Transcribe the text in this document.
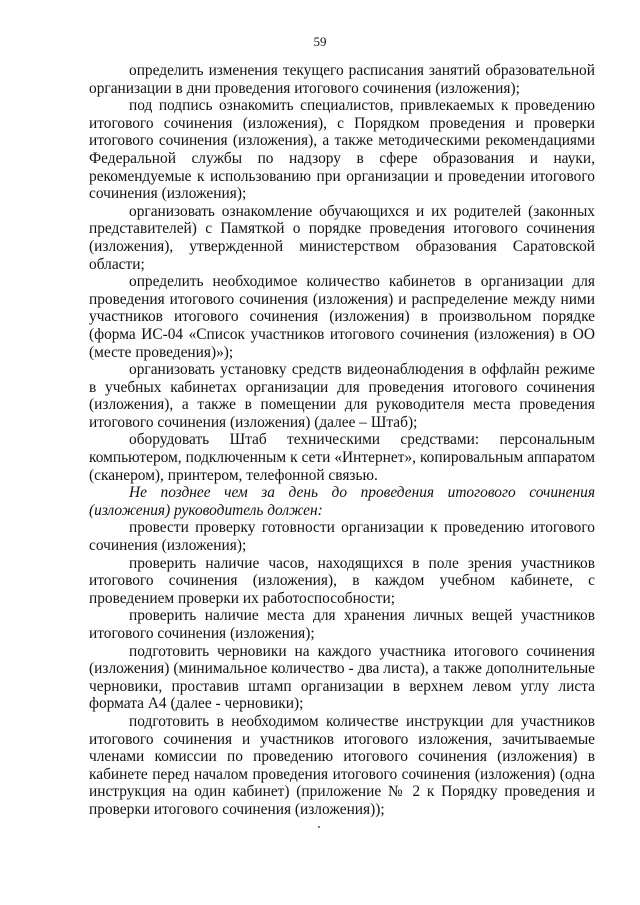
59

определить изменения текущего расписания занятий образовательной организации в дни проведения итогового сочинения (изложения);

под подпись ознакомить специалистов, привлекаемых к проведению итогового сочинения (изложения), с Порядком проведения и проверки итогового сочинения (изложения), а также методическими рекомендациями Федеральной службы по надзору в сфере образования и науки, рекомендуемые к использованию при организации и проведении итогового сочинения (изложения);

организовать ознакомление обучающихся и их родителей (законных представителей) с Памяткой о порядке проведения итогового сочинения (изложения), утвержденной министерством образования Саратовской области;

определить необходимое количество кабинетов в организации для проведения итогового сочинения (изложения) и распределение между ними участников итогового сочинения (изложения) в произвольном порядке (форма ИС-04 «Список участников итогового сочинения (изложения) в ОО (месте проведения)»);

организовать установку средств видеонаблюдения в оффлайн режиме в учебных кабинетах организации для проведения итогового сочинения (изложения), а также в помещении для руководителя места проведения итогового сочинения (изложения) (далее – Штаб);

оборудовать Штаб техническими средствами: персональным компьютером, подключенным к сети «Интернет», копировальным аппаратом (сканером), принтером, телефонной связью.

Не позднее чем за день до проведения итогового сочинения (изложения) руководитель должен:

провести проверку готовности организации к проведению итогового сочинения (изложения);

проверить наличие часов, находящихся в поле зрения участников итогового сочинения (изложения), в каждом учебном кабинете, с проведением проверки их работоспособности;

проверить наличие места для хранения личных вещей участников итогового сочинения (изложения);

подготовить черновики на каждого участника итогового сочинения (изложения) (минимальное количество - два листа), а также дополнительные черновики, проставив штамп организации в верхнем левом углу листа формата А4 (далее - черновики);

подготовить в необходимом количестве инструкции для участников итогового сочинения и участников итогового изложения, зачитываемые членами комиссии по проведению итогового сочинения (изложения) в кабинете перед началом проведения итогового сочинения (изложения) (одна инструкция на один кабинет) (приложение № 2 к Порядку проведения и проверки итогового сочинения (изложения));
